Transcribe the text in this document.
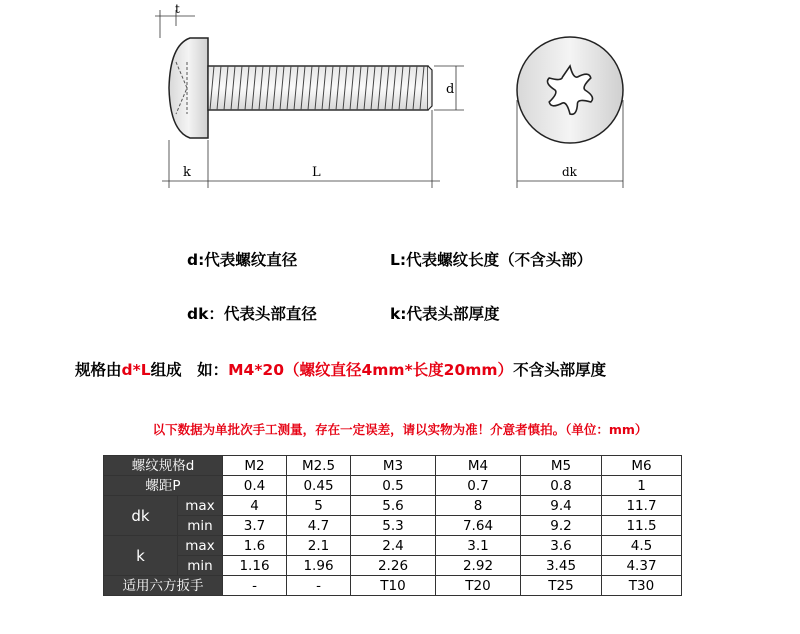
t
d
k	L	dk
d:代表螺纹直径	L:代表螺纹长度（不含头部）
dk：代表头部直径	k:代表头部厚度
规格由d*L组成　如：M4*20（螺纹直径4mm*长度20mm）不含头部厚度
以下数据为单批次手工测量，存在一定误差，请以实物为准！介意者慎拍。（单位：mm）
螺纹规格d		M2	M2.5	M3	M4	M5	M6
螺距P		0.4	0.45	0.5	0.7	0.8	1
dk	max	4	5	5.6	8	9.4	11.7
	min	3.7	4.7	5.3	7.64	9.2	11.5
k	max	1.6	2.1	2.4	3.1	3.6	4.5
	min	1.16	1.96	2.26	2.92	3.45	4.37
适用六方扳手		-	-	T10	T20	T25	T30
